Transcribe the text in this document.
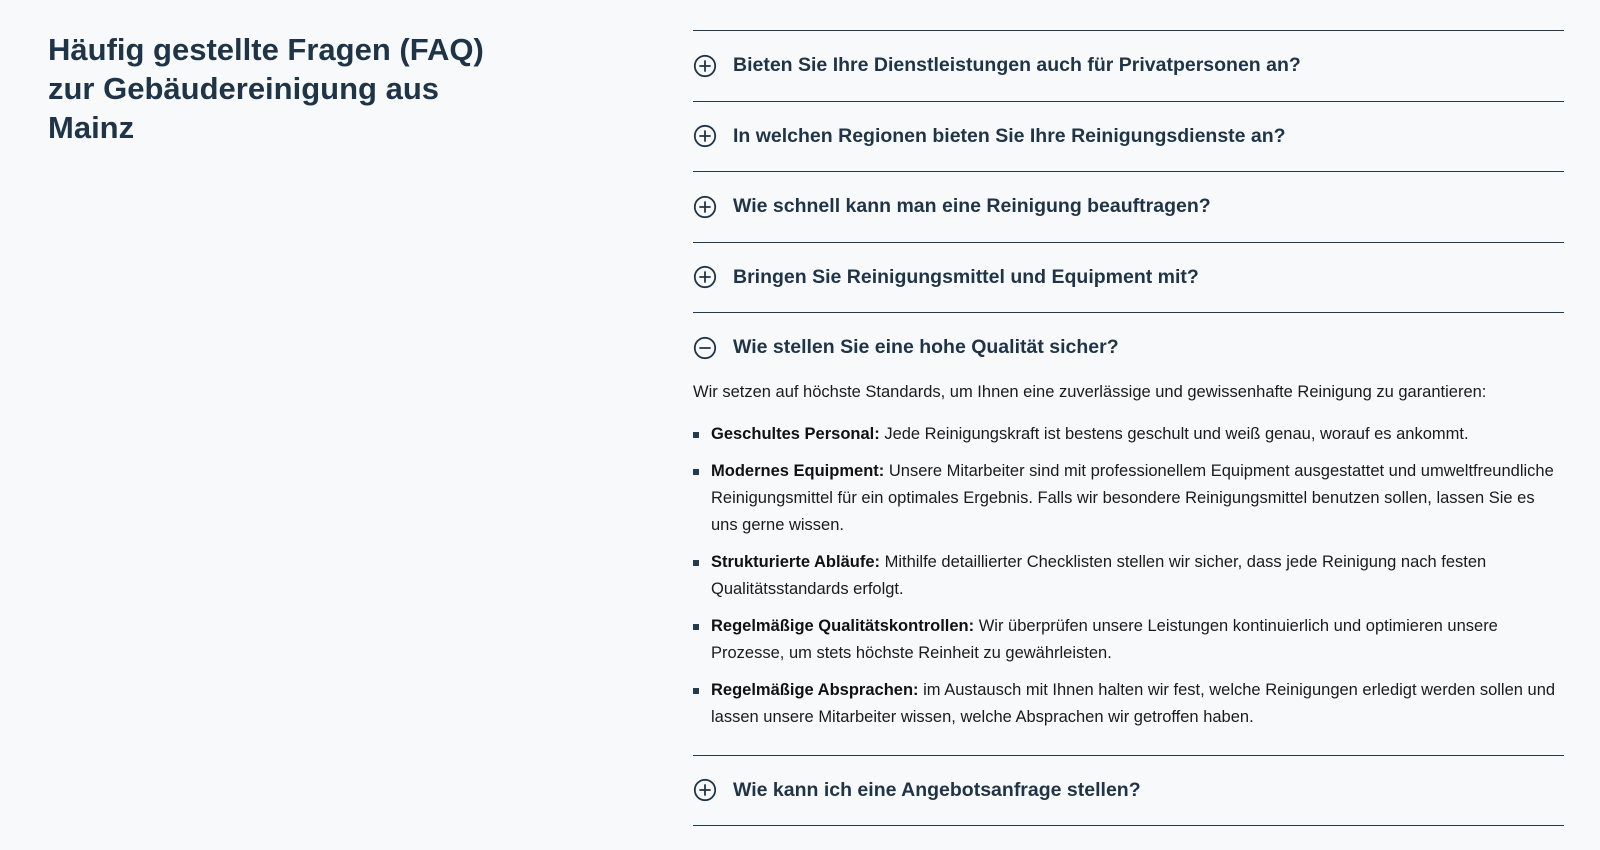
Häufig gestellte Fragen (FAQ) zur Gebäudereinigung aus Mainz
Bieten Sie Ihre Dienstleistungen auch für Privatpersonen an?
In welchen Regionen bieten Sie Ihre Reinigungsdienste an?
Wie schnell kann man eine Reinigung beauftragen?
Bringen Sie Reinigungsmittel und Equipment mit?
Wie stellen Sie eine hohe Qualität sicher?

Wir setzen auf höchste Standards, um Ihnen eine zuverlässige und gewissenhafte Reinigung zu garantieren:

Geschultes Personal: Jede Reinigungskraft ist bestens geschult und weiß genau, worauf es ankommt.
Modernes Equipment: Unsere Mitarbeiter sind mit professionellem Equipment ausgestattet und umweltfreundliche Reinigungsmittel für ein optimales Ergebnis. Falls wir besondere Reinigungsmittel benutzen sollen, lassen Sie es uns gerne wissen.
Strukturierte Abläufe: Mithilfe detaillierter Checklisten stellen wir sicher, dass jede Reinigung nach festen Qualitätsstandards erfolgt.
Regelmäßige Qualitätskontrollen: Wir überprüfen unsere Leistungen kontinuierlich und optimieren unsere Prozesse, um stets höchste Reinheit zu gewährleisten.
Regelmäßige Absprachen: im Austausch mit Ihnen halten wir fest, welche Reinigungen erledigt werden sollen und lassen unsere Mitarbeiter wissen, welche Absprachen wir getroffen haben.
Wie kann ich eine Angebotsanfrage stellen?
